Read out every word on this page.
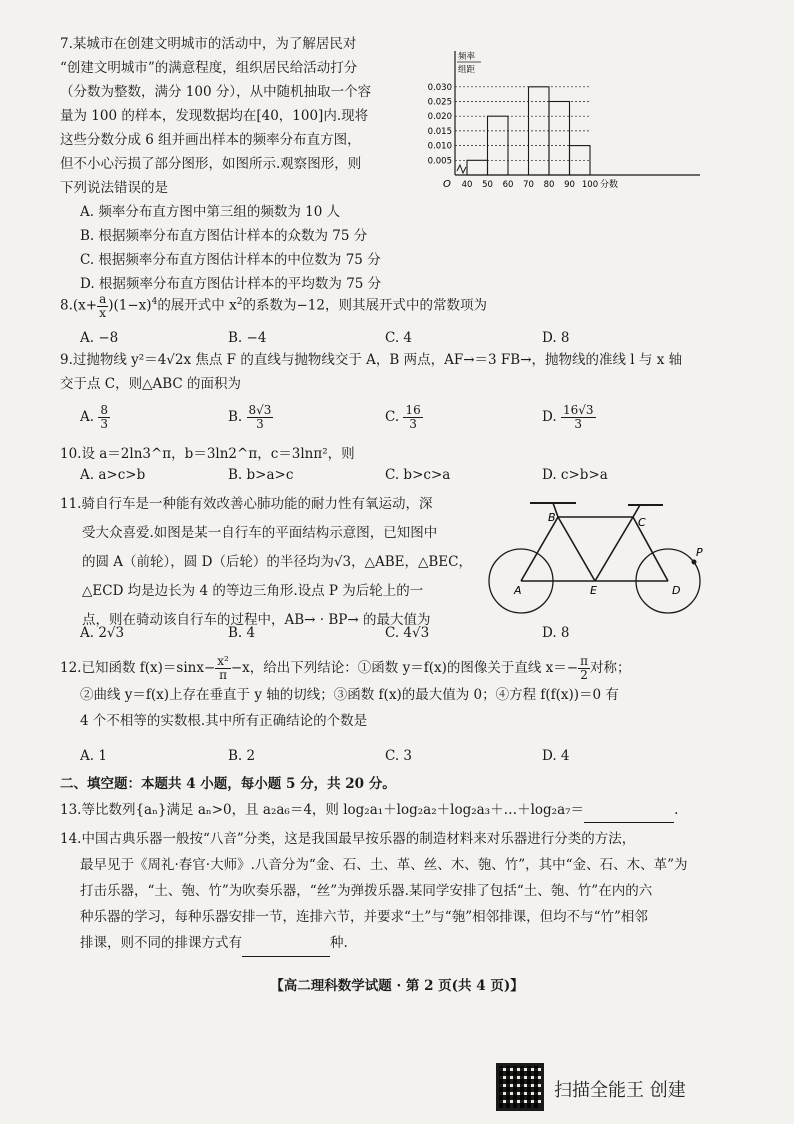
7.某城市在创建文明城市的活动中，为了解居民对
“创建文明城市”的满意程度，组织居民给活动打分
（分数为整数，满分 100 分），从中随机抽取一个容
量为 100 的样本，发现数据均在[40，100]内.现将
这些分数分成 6 组并画出样本的频率分布直方图，
但不小心污损了部分图形，如图所示.观察图形，则
下列说法错误的是
A. 频率分布直方图中第三组的频数为 10 人
B. 根据频率分布直方图估计样本的众数为 75 分
C. 根据频率分布直方图估计样本的中位数为 75 分
D. 根据频率分布直方图估计样本的平均数为 75 分
O
0.005
0.010
0.015
0.020
0.025
0.030
40 50 60 70 80 90 100 分数
频率
组距
$8.(x+ \frac{a}{x} )(1-x)^4$的展开式中 $x^2$的系数为−12，则其展开式中的常数项为
A. −8	B. −4	C. 4	D. 8
9.过抛物线 y²＝4√2x 焦点 F 的直线与抛物线交于 A，B 两点，AF→＝3 FB→，抛物线的准线 l 与 x 轴
交于点 C，则△ABC 的面积为
A. $\frac{8}{3}$	B. $\frac{8√3}{3}$	C. $\frac{16}{3}$	D. $\frac{16√3}{3}$
10.设 a＝2ln3^π，b＝3ln2^π，c＝3lnπ²，则
A. a>c>b	B. b>a>c	C. b>c>a	D. c>b>a
11.骑自行车是一种能有效改善心肺功能的耐力性有氧运动，深
受大众喜爱.如图是某一自行车的平面结构示意图，已知图中
的圆 A（前轮），圆 D（后轮）的半径均为√3，△ABE，△BEC，
△ECD 均是边长为 4 的等边三角形.设点 P 为后轮上的一
点，则在骑动该自行车的过程中，AB→ · BP→ 的最大值为
A
B	C
D
E
P
A. 2√3	B. 4	C. 4√3	D. 8
12.已知函数 $f(x)=\sin x- \frac{\text{x²}}{\pi} -x$，给出下列结论：①函数 y＝f(x)的图像关于直线 $x=- \frac{\pi}{2}$ 对称；
②曲线 y＝f(x)上存在垂直于 y 轴的切线；③函数 f(x)的最大值为 0；④方程 f(f(x))＝0 有
4 个不相等的实数根.其中所有正确结论的个数是
A. 1	B. 2	C. 3	D. 4
二、填空题：本题共 4 小题，每小题 5 分，共 20 分。
13.等比数列{aₙ}满足 aₙ>0，且 a₂a₆＝4，则 log₂a₁＋log₂a₂＋log₂a₃＋…＋log₂a₇＝	.
14.中国古典乐器一般按“八音”分类，这是我国最早按乐器的制造材料来对乐器进行分类的方法，
最早见于《周礼·春官·大师》.八音分为“金、石、土、革、丝、木、匏、竹”，其中“金、石、木、革”为
打击乐器，“土、匏、竹”为吹奏乐器，“丝”为弹拨乐器.某同学安排了包括“土、匏、竹”在内的六
种乐器的学习，每种乐器安排一节，连排六节，并要求“土”与“匏”相邻排课，但均不与“竹”相邻
排课，则不同的排课方式有	种.
【高二理科数学试题 · 第 2 页(共 4 页)】
扫描全能王 创建
